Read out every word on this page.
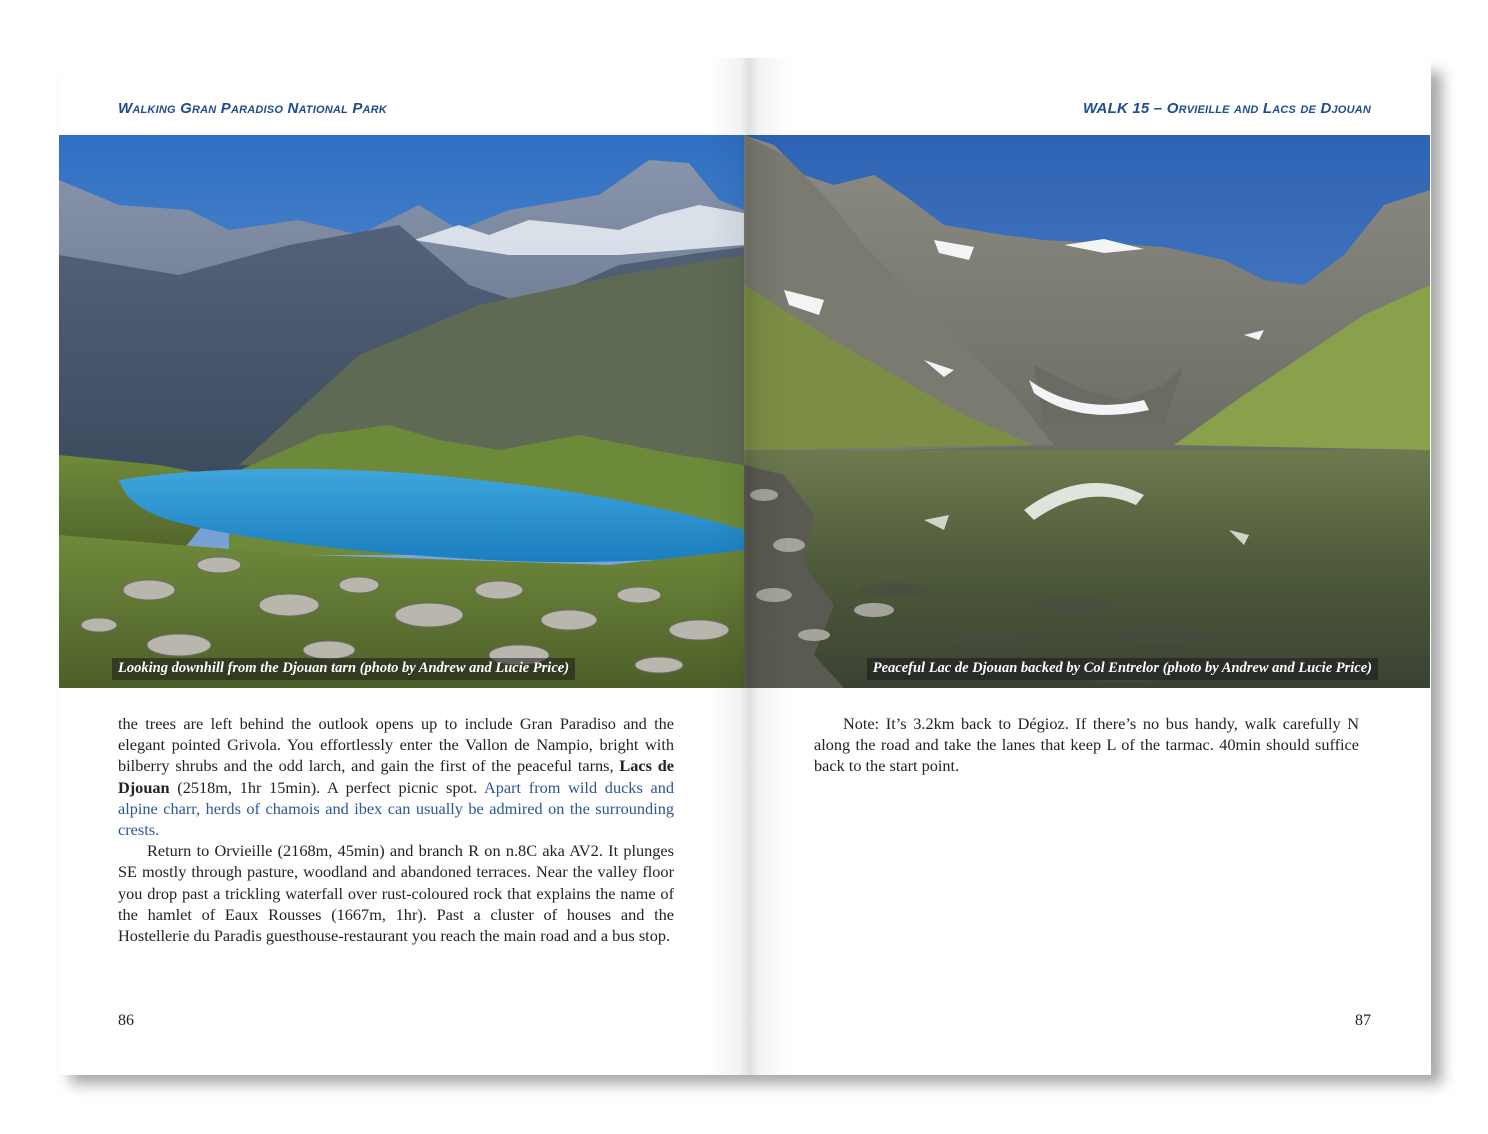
Walking Gran Paradiso National Park

Looking downhill from the Djouan tarn (photo by Andrew and Lucie Price)

the trees are left behind the outlook opens up to include Gran Paradiso and the elegant pointed Grivola. You effortlessly enter the Vallon de Nampio, bright with bilberry shrubs and the odd larch, and gain the first of the peaceful tarns, Lacs de Djouan (2518m, 1hr 15min). A perfect picnic spot. Apart from wild ducks and alpine charr, herds of chamois and ibex can usually be admired on the surrounding crests.

Return to Orvieille (2168m, 45min) and branch R on n.8C aka AV2. It plunges SE mostly through pasture, woodland and abandoned terraces. Near the valley floor you drop past a trickling waterfall over rust-coloured rock that explains the name of the hamlet of Eaux Rousses (1667m, 1hr). Past a cluster of houses and the Hostellerie du Paradis guesthouse-restaurant you reach the main road and a bus stop.

86

WALK 15 – Orvieille and Lacs de Djouan

Peaceful Lac de Djouan backed by Col Entrelor (photo by Andrew and Lucie Price)

Note: It’s 3.2km back to Dégioz. If there’s no bus handy, walk carefully N along the road and take the lanes that keep L of the tarmac. 40min should suffice back to the start point.

87
